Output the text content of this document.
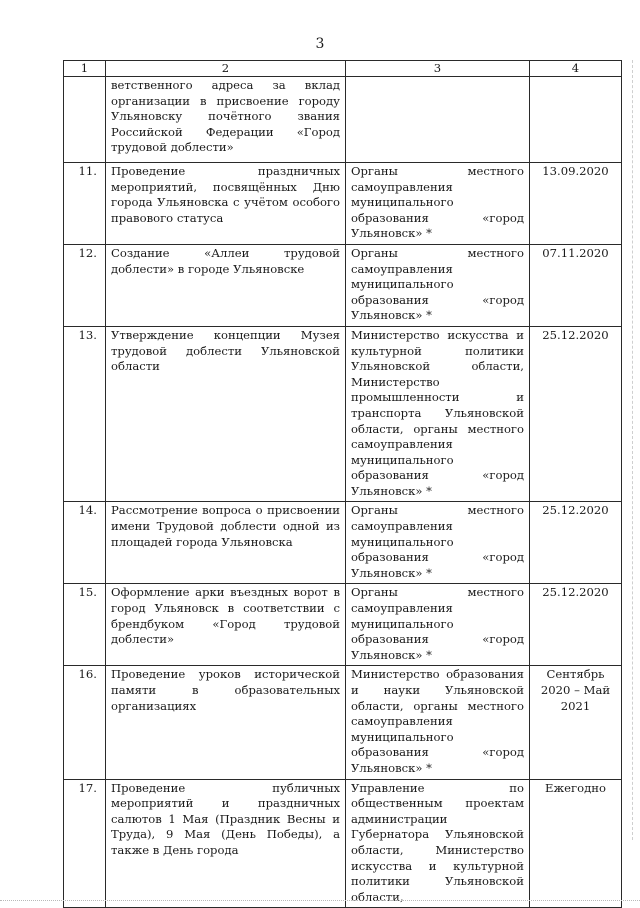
3
1	2	3	4
	ветственного адреса за вклад организации в присвоение городу Ульяновску почётного звания Российской Федерации «Город трудовой доблести»		
11.	Проведение праздничных мероприятий, посвящённых Дню города Ульяновска с учётом особого правового статуса	Органы местного самоуправления муниципального образования «город Ульяновск» *	13.09.2020
12.	Создание «Аллеи трудовой доблести» в городе Ульяновске	Органы местного самоуправления муниципального образования «город Ульяновск» *	07.11.2020
13.	Утверждение концепции Музея трудовой доблести Ульяновской области	Министерство искусства и культурной политики Ульяновской области, Министерство промышленности и транспорта Ульяновской области, органы местного самоуправления муниципального образования «город Ульяновск» *	25.12.2020
14.	Рассмотрение вопроса о присвоении имени Трудовой доблести одной из площадей города Ульяновска	Органы местного самоуправления муниципального образования «город Ульяновск» *	25.12.2020
15.	Оформление арки въездных ворот в город Ульяновск в соответствии с брендбуком «Город трудовой доблести»	Органы местного самоуправления муниципального образования «город Ульяновск» *	25.12.2020
16.	Проведение уроков исторической памяти в образовательных организациях	Министерство образования и науки Ульяновской области, органы местного самоуправления муниципального образования «город Ульяновск» *	Сентябрь 2020 – Май 2021
17.	Проведение публичных мероприятий и праздничных салютов 1 Мая (Праздник Весны и Труда), 9 Мая (День Победы), а также в День города	Управление по общественным проектам администрации Губернатора Ульяновской области, Министерство искусства и культурной политики Ульяновской области,	Ежегодно
